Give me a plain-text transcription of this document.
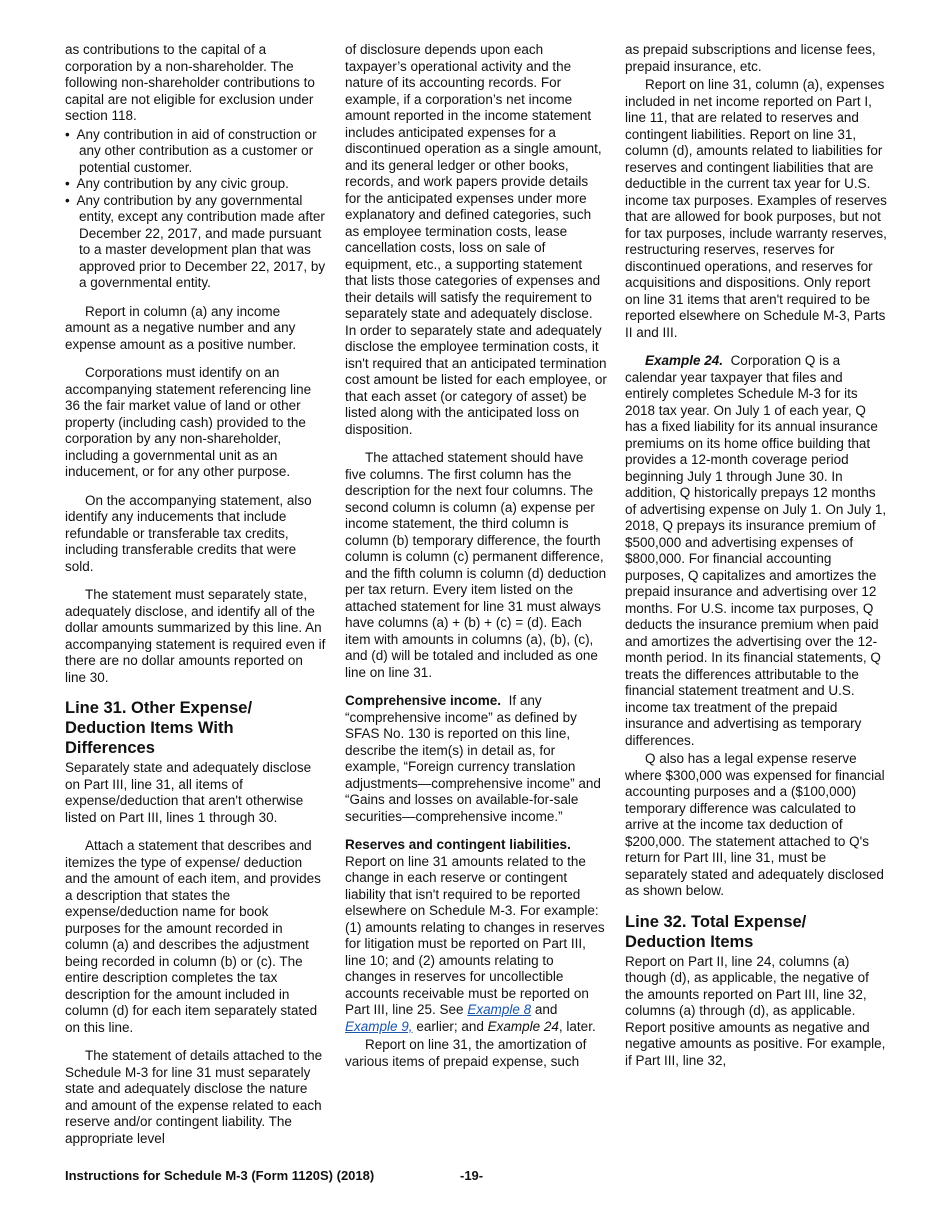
as contributions to the capital of a corporation by a non-shareholder. The following non-shareholder contributions to capital are not eligible for exclusion under section 118.

• Any contribution in aid of construction or any other contribution as a customer or potential customer.
• Any contribution by any civic group.
• Any contribution by any governmental entity, except any contribution made after December 22, 2017, and made pursuant to a master development plan that was approved prior to December 22, 2017, by a governmental entity.

Report in column (a) any income amount as a negative number and any expense amount as a positive number.

Corporations must identify on an accompanying statement referencing line 36 the fair market value of land or other property (including cash) provided to the corporation by any non-shareholder, including a governmental unit as an inducement, or for any other purpose.

On the accompanying statement, also identify any inducements that include refundable or transferable tax credits, including transferable credits that were sold.

The statement must separately state, adequately disclose, and identify all of the dollar amounts summarized by this line. An accompanying statement is required even if there are no dollar amounts reported on line 30.

Line 31. Other Expense/ Deduction Items With Differences

Separately state and adequately disclose on Part III, line 31, all items of expense/deduction that aren't otherwise listed on Part III, lines 1 through 30.

Attach a statement that describes and itemizes the type of expense/ deduction and the amount of each item, and provides a description that states the expense/deduction name for book purposes for the amount recorded in column (a) and describes the adjustment being recorded in column (b) or (c). The entire description completes the tax description for the amount included in column (d) for each item separately stated on this line.

The statement of details attached to the Schedule M-3 for line 31 must separately state and adequately disclose the nature and amount of the expense related to each reserve and/or contingent liability. The appropriate level

of disclosure depends upon each taxpayer’s operational activity and the nature of its accounting records. For example, if a corporation’s net income amount reported in the income statement includes anticipated expenses for a discontinued operation as a single amount, and its general ledger or other books, records, and work papers provide details for the anticipated expenses under more explanatory and defined categories, such as employee termination costs, lease cancellation costs, loss on sale of equipment, etc., a supporting statement that lists those categories of expenses and their details will satisfy the requirement to separately state and adequately disclose. In order to separately state and adequately disclose the employee termination costs, it isn't required that an anticipated termination cost amount be listed for each employee, or that each asset (or category of asset) be listed along with the anticipated loss on disposition.

The attached statement should have five columns. The first column has the description for the next four columns. The second column is column (a) expense per income statement, the third column is column (b) temporary difference, the fourth column is column (c) permanent difference, and the fifth column is column (d) deduction per tax return. Every item listed on the attached statement for line 31 must always have columns (a) + (b) + (c) = (d). Each item with amounts in columns (a), (b), (c), and (d) will be totaled and included as one line on line 31.

Comprehensive income. If any “comprehensive income” as defined by SFAS No. 130 is reported on this line, describe the item(s) in detail as, for example, “Foreign currency translation adjustments—comprehensive income” and “Gains and losses on available-for-sale securities—comprehensive income.”

Reserves and contingent liabilities. Report on line 31 amounts related to the change in each reserve or contingent liability that isn't required to be reported elsewhere on Schedule M-3. For example: (1) amounts relating to changes in reserves for litigation must be reported on Part III, line 10; and (2) amounts relating to changes in reserves for uncollectible accounts receivable must be reported on Part III, line 25. See Example 8 and Example 9, earlier; and Example 24, later.

Report on line 31, the amortization of various items of prepaid expense, such

as prepaid subscriptions and license fees, prepaid insurance, etc.

Report on line 31, column (a), expenses included in net income reported on Part I, line 11, that are related to reserves and contingent liabilities. Report on line 31, column (d), amounts related to liabilities for reserves and contingent liabilities that are deductible in the current tax year for U.S. income tax purposes. Examples of reserves that are allowed for book purposes, but not for tax purposes, include warranty reserves, restructuring reserves, reserves for discontinued operations, and reserves for acquisitions and dispositions. Only report on line 31 items that aren't required to be reported elsewhere on Schedule M-3, Parts II and III.

Example 24. Corporation Q is a calendar year taxpayer that files and entirely completes Schedule M-3 for its 2018 tax year. On July 1 of each year, Q has a fixed liability for its annual insurance premiums on its home office building that provides a 12-month coverage period beginning July 1 through June 30. In addition, Q historically prepays 12 months of advertising expense on July 1. On July 1, 2018, Q prepays its insurance premium of $500,000 and advertising expenses of $800,000. For financial accounting purposes, Q capitalizes and amortizes the prepaid insurance and advertising over 12 months. For U.S. income tax purposes, Q deducts the insurance premium when paid and amortizes the advertising over the 12-month period. In its financial statements, Q treats the differences attributable to the financial statement treatment and U.S. income tax treatment of the prepaid insurance and advertising as temporary differences.

Q also has a legal expense reserve where $300,000 was expensed for financial accounting purposes and a ($100,000) temporary difference was calculated to arrive at the income tax deduction of $200,000. The statement attached to Q's return for Part III, line 31, must be separately stated and adequately disclosed as shown below.

Line 32. Total Expense/ Deduction Items

Report on Part II, line 24, columns (a) though (d), as applicable, the negative of the amounts reported on Part III, line 32, columns (a) through (d), as applicable. Report positive amounts as negative and negative amounts as positive. For example, if Part III, line 32,

Instructions for Schedule M-3 (Form 1120S) (2018)	-19-
